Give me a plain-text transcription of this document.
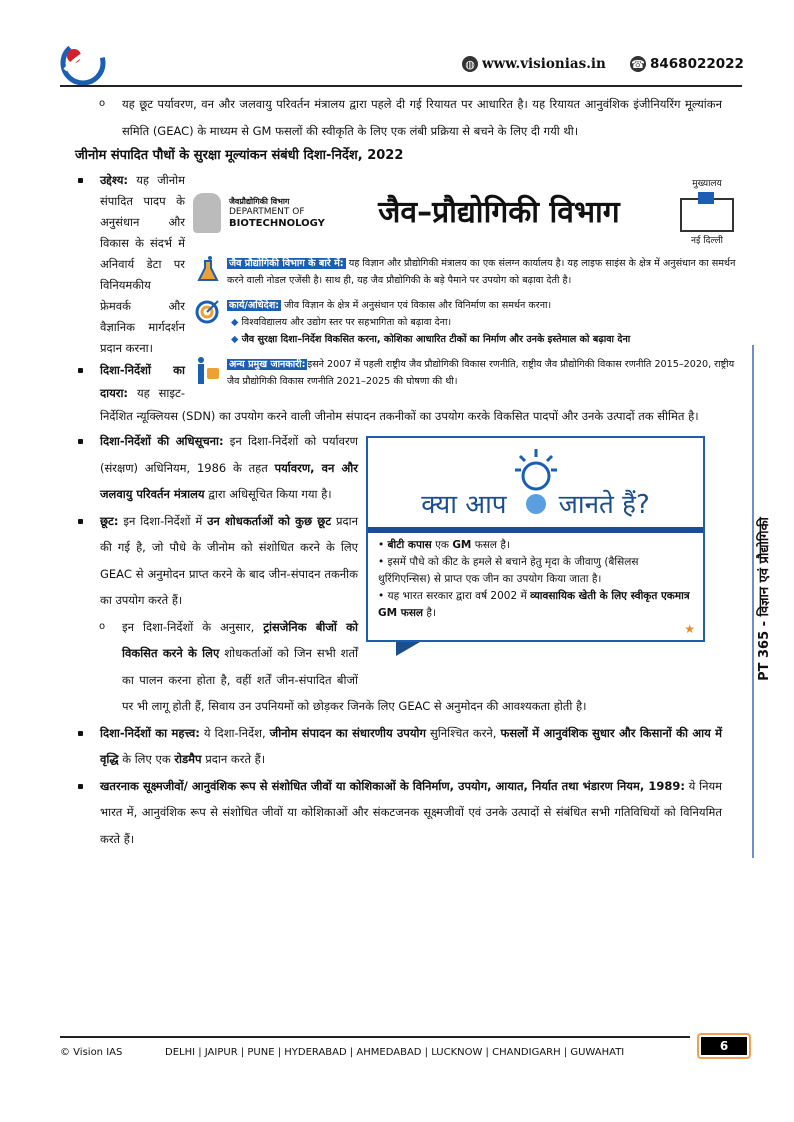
◍ www.visionias.in ☎ 8468022022

o यह छूट पर्यावरण, वन और जलवायु परिवर्तन मंत्रालय द्वारा पहले दी गई रियायत पर आधारित है। यह रियायत आनुवंशिक इंजीनियरिंग मूल्यांकन समिति (GEAC) के माध्यम से GM फसलों की स्वीकृति के लिए एक लंबी प्रक्रिया से बचने के लिए दी गयी थी।

जीनोम संपादित पौधों के सुरक्षा मूल्यांकन संबंधी दिशा-निर्देश, 2022
जैवप्रौद्योगिकी विभाग
DEPARTMENT OF
BIOTECHNOLOGY	जैव–प्रौद्योगिकी विभाग
मुख्यालय
नई दिल्ली
जैव प्रौद्योगिकी विभाग के बारे में: यह विज्ञान और प्रौद्योगिकी मंत्रालय का एक संलग्न कार्यालय है। यह लाइफ साइंस के क्षेत्र में अनुसंधान का समर्थन करने वाली नोडल एजेंसी है। साथ ही, यह जैव प्रौद्योगिकी के बड़े पैमाने पर उपयोग को बढ़ावा देती है।
कार्य/अधिदेश: जीव विज्ञान के क्षेत्र में अनुसंधान एवं विकास और विनिर्माण का समर्थन करना।
◆ विश्वविद्यालय और उद्योग स्तर पर सहभागिता को बढ़ावा देना।
◆ जैव सुरक्षा दिशा–निर्देश विकसित करना, कोशिका आधारित टीकों का निर्माण और उनके इस्तेमाल को बढ़ावा देना
अन्य प्रमुख जानकारी: इसने 2007 में पहली राष्ट्रीय जैव प्रौद्योगिकी विकास रणनीति, राष्ट्रीय जैव प्रौद्योगिकी विकास रणनीति 2015–2020, राष्ट्रीय जैव प्रौद्योगिकी विकास रणनीति 2021–2025 की घोषणा की थी।

उद्देश्य: यह जीनोम संपादित पादप के अनुसंधान और विकास के संदर्भ में अनिवार्य डेटा पर विनियमकीय फ्रेमवर्क और वैज्ञानिक मार्गदर्शन प्रदान करना।

दिशा-निर्देशों का दायरा: यह साइट-निर्देशित न्यूक्लियस (SDN) का उपयोग करने वाली जीनोम संपादन तकनीकों का उपयोग करके विकसित पादपों और उनके उत्पादों तक सीमित है।

क्या आप जानते हैं?
• बीटी कपास एक GM फसल है।
• इसमें पौधे को कीट के हमले से बचाने हेतु मृदा के जीवाणु (बैसिलस थुरिंगिएन्सिस) से प्राप्त एक जीन का उपयोग किया जाता है।
• यह भारत सरकार द्वारा वर्ष 2002 में व्यावसायिक खेती के लिए स्वीकृत एकमात्र GM फसल है।
★

दिशा-निर्देशों की अधिसूचना: इन दिशा-निर्देशों को पर्यावरण (संरक्षण) अधिनियम, 1986 के तहत पर्यावरण, वन और जलवायु परिवर्तन मंत्रालय द्वारा अधिसूचित किया गया है।

छूट: इन दिशा-निर्देशों में उन शोधकर्ताओं को कुछ छूट प्रदान की गई है, जो पौधे के जीनोम को संशोधित करने के लिए GEAC से अनुमोदन प्राप्त करने के बाद जीन-संपादन तकनीक का उपयोग करते हैं।

o इन दिशा-निर्देशों के अनुसार, ट्रांसजेनिक बीजों को विकसित करने के लिए शोधकर्ताओं को जिन सभी शर्तों का पालन करना होता है, वहीं शर्तें जीन-संपादित बीजों पर भी लागू होती हैं, सिवाय उन उपनियमों को छोड़कर जिनके लिए GEAC से अनुमोदन की आवश्यकता होती है।

दिशा-निर्देशों का महत्त्व: ये दिशा-निर्देश, जीनोम संपादन का संधारणीय उपयोग सुनिश्चित करने, फसलों में आनुवंशिक सुधार और किसानों की आय में वृद्धि के लिए एक रोडमैप प्रदान करते हैं।

खतरनाक सूक्ष्मजीवों/ आनुवंशिक रूप से संशोधित जीवों या कोशिकाओं के विनिर्माण, उपयोग, आयात, निर्यात तथा भंडारण नियम, 1989: ये नियम भारत में, आनुवंशिक रूप से संशोधित जीवों या कोशिकाओं और संकटजनक सूक्ष्मजीवों एवं उनके उत्पादों से संबंधित सभी गतिविधियों को विनियमित करते हैं।

PT 365 - विज्ञान एवं प्रौद्योगिकी
© Vision IAS	DELHI | JAIPUR | PUNE | HYDERABAD | AHMEDABAD | LUCKNOW | CHANDIGARH | GUWAHATI	6
